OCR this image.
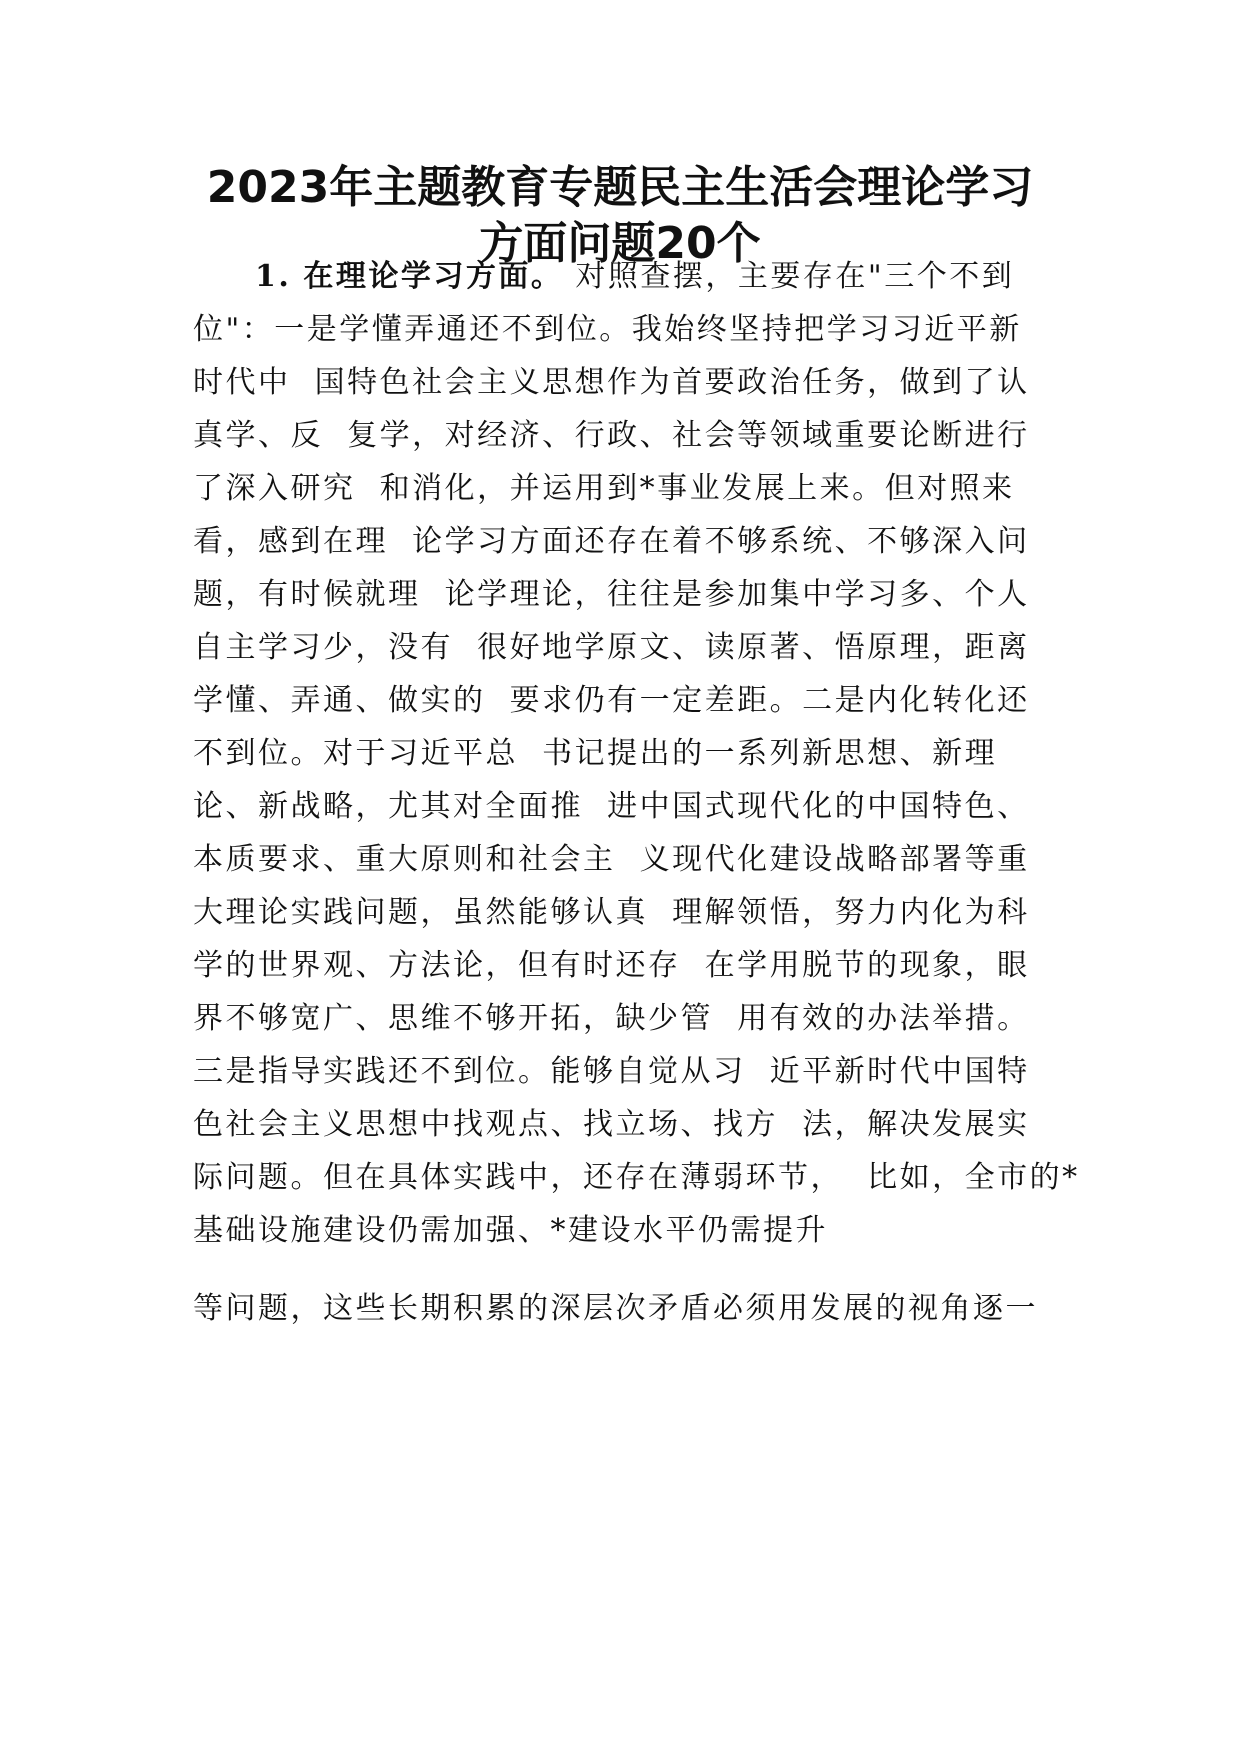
2023年主题教育专题民主生活会理论学习
方面问题20个
1. 在理论学习方面。 对照查摆，主要存在"三个不到
位"：一是学懂弄通还不到位。我始终坚持把学习习近平新
时代中  国特色社会主义思想作为首要政治任务，做到了认
真学、反  复学，对经济、行政、社会等领域重要论断进行
了深入研究  和消化，并运用到*事业发展上来。但对照来
看，感到在理  论学习方面还存在着不够系统、不够深入问
题，有时候就理  论学理论，往往是参加集中学习多、个人
自主学习少，没有  很好地学原文、读原著、悟原理，距离
学懂、弄通、做实的  要求仍有一定差距。二是内化转化还
不到位。对于习近平总  书记提出的一系列新思想、新理
论、新战略，尤其对全面推  进中国式现代化的中国特色、
本质要求、重大原则和社会主  义现代化建设战略部署等重
大理论实践问题，虽然能够认真  理解领悟，努力内化为科
学的世界观、方法论，但有时还存  在学用脱节的现象，眼
界不够宽广、思维不够开拓，缺少管  用有效的办法举措。
三是指导实践还不到位。能够自觉从习  近平新时代中国特
色社会主义思想中找观点、找立场、找方  法，解决发展实
际问题。但在具体实践中，还存在薄弱环节，  比如，全市的*
基础设施建设仍需加强、*建设水平仍需提升
等问题，这些长期积累的深层次矛盾必须用发展的视角逐一
